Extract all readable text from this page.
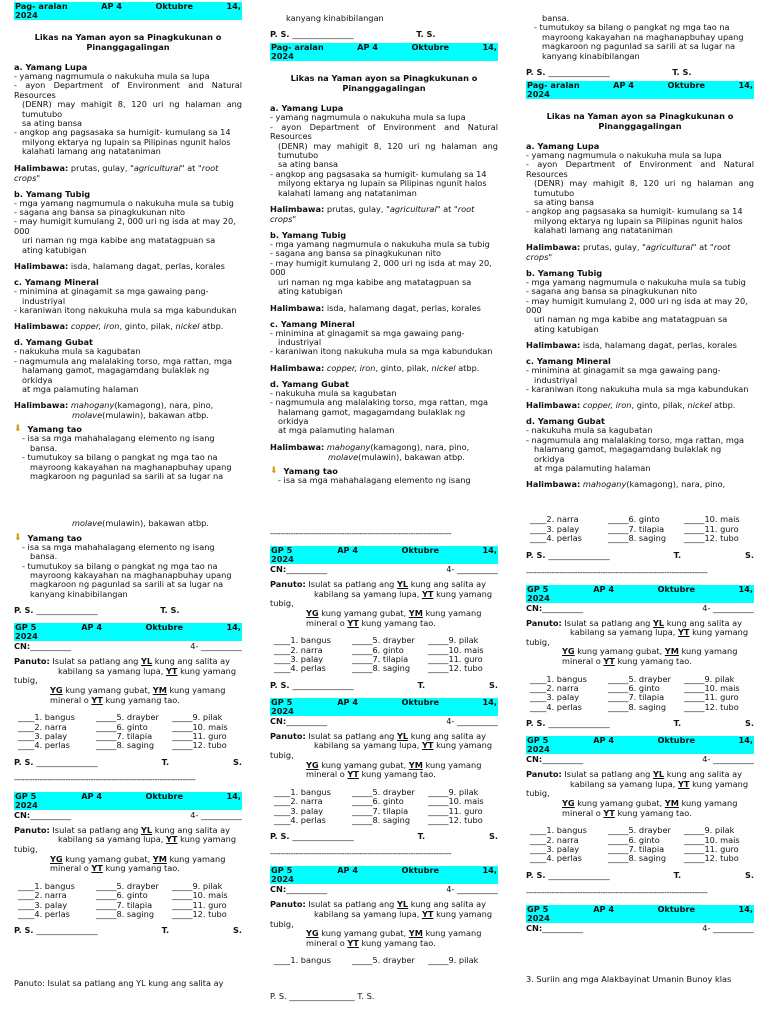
Pag- aralan
2024
AP 4	Oktubre	14,
Likas na Yaman ayon sa Pinagkukunan o Pinanggagalingan
a. Yamang Lupa
- yamang nagmumula o nakukuha mula sa lupa
- ayon Department of Environment and Natural Resources
(DENR) may mahigit 8, 120 uri ng halaman ang tumutubo
sa ating bansa
- angkop ang pagsasaka sa humigit- kumulang sa 14
milyong ektarya ng lupain sa Pilipinas ngunit halos
kalahati lamang ang natataniman
Halimbawa: prutas, gulay, "agricultural" at "root crops"
b. Yamang Tubig
- mga yamang nagmumula o nakukuha mula sa tubig
- sagana ang bansa sa pinagkukunan nito
- may humigit kumulang 2, 000 uri ng isda at may 20, 000
uri naman ng mga kabibe ang matatagpuan sa
ating katubigan
Halimbawa: isda, halamang dagat, perlas, korales
c. Yamang Mineral
- minimina at ginagamit sa mga gawaing pang-
industriyal
- karaniwan itong nakukuha mula sa mga kabundukan
Halimbawa: copper, iron, ginto, pilak, nickel atbp.
d. Yamang Gubat
- nakukuha mula sa kagubatan
- nagmumula ang malalaking torso, mga rattan, mga
halamang gamot, magagamdang bulaklak ng orkidya
at mga palamuting halaman
Halimbawa: mahogany(kamagong), nara, pino,
molave(mulawin), bakawan atbp.
⬇ Yamang tao
- isa sa mga mahahalagang elemento ng isang
bansa.
- tumutukoy sa bilang o pangkat ng mga tao na
mayroong kakayahan na maghanapbuhay upang
magkaroon ng pagunlad sa sarili at sa lugar na
molave(mulawin), bakawan atbp.
⬇ Yamang tao
- isa sa mga mahahalagang elemento ng isang
bansa.
- tumutukoy sa bilang o pangkat ng mga tao na
mayroong kakayahan na maghanapbuhay upang
magkaroon ng pagunlad sa sarili at sa lugar na
kanyang kinabibilangan
P. S. _______________	T. S.
GP 5
2024
AP 4	Oktubre	14,
CN:__________	4- __________
Panuto: Isulat sa patlang ang YL kung ang salita ay
kabilang sa yamang lupa, YT kung yamang
tubig,
YG kung yamang gubat, YM kung yamang
mineral o YT kung yamang tao.
____1. bangus	_____5. drayber	_____9. pilak
____2. narra	_____6. ginto	_____10. mais
____3. palay	_____7. tilapia	_____11. guro
____4. perlas	_____8. saging	_____12. tubo
P. S. _______________	T.	S.
-----------------------------------------------------------------------
GP 5
2024
AP 4	Oktubre	14,
CN:__________	4- __________
Panuto: Isulat sa patlang ang YL kung ang salita ay
kabilang sa yamang lupa, YT kung yamang
tubig,
YG kung yamang gubat, YM kung yamang
mineral o YT kung yamang tao.
____1. bangus	_____5. drayber	_____9. pilak
____2. narra	_____6. ginto	_____10. mais
____3. palay	_____7. tilapia	_____11. guro
____4. perlas	_____8. saging	_____12. tubo
P. S. _______________	T.	S.
Panuto: Isulat sa patlang ang YL kung ang salita ay
kanyang kinabibilangan
P. S. _______________	T. S.
Pag- aralan
2024
AP 4	Oktubre	14,
Likas na Yaman ayon sa Pinagkukunan o Pinanggagalingan
a. Yamang Lupa
- yamang nagmumula o nakukuha mula sa lupa
- ayon Department of Environment and Natural Resources
(DENR) may mahigit 8, 120 uri ng halaman ang tumutubo
sa ating bansa
- angkop ang pagsasaka sa humigit- kumulang sa 14
milyong ektarya ng lupain sa Pilipinas ngunit halos
kalahati lamang ang natataniman
Halimbawa: prutas, gulay, "agricultural" at "root crops"
b. Yamang Tubig
- mga yamang nagmumula o nakukuha mula sa tubig
- sagana ang bansa sa pinagkukunan nito
- may humigit kumulang 2, 000 uri ng isda at may 20, 000
uri naman ng mga kabibe ang matatagpuan sa
ating katubigan
Halimbawa: isda, halamang dagat, perlas, korales
c. Yamang Mineral
- minimina at ginagamit sa mga gawaing pang-
industriyal
- karaniwan itong nakukuha mula sa mga kabundukan
Halimbawa: copper, iron, ginto, pilak, nickel atbp.
d. Yamang Gubat
- nakukuha mula sa kagubatan
- nagmumula ang malalaking torso, mga rattan, mga
halamang gamot, magagamdang bulaklak ng orkidya
at mga palamuting halaman
Halimbawa: mahogany(kamagong), nara, pino,
molave(mulawin), bakawan atbp.
⬇ Yamang tao
- isa sa mga mahahalagang elemento ng isang
-----------------------------------------------------------------------
GP 5
2024
AP 4	Oktubre	14,
CN:__________	4- __________
Panuto: Isulat sa patlang ang YL kung ang salita ay
kabilang sa yamang lupa, YT kung yamang
tubig,
YG kung yamang gubat, YM kung yamang
mineral o YT kung yamang tao.
____1. bangus	_____5. drayber	_____9. pilak
____2. narra	_____6. ginto	_____10. mais
____3. palay	_____7. tilapia	_____11. guro
____4. perlas	_____8. saging	_____12. tubo
P. S. _______________	T.	S.
GP 5
2024
AP 4	Oktubre	14,
CN:__________	4- __________
Panuto: Isulat sa patlang ang YL kung ang salita ay
kabilang sa yamang lupa, YT kung yamang
tubig,
YG kung yamang gubat, YM kung yamang
mineral o YT kung yamang tao.
____1. bangus	_____5. drayber	_____9. pilak
____2. narra	_____6. ginto	_____10. mais
____3. palay	_____7. tilapia	_____11. guro
____4. perlas	_____8. saging	_____12. tubo
P. S. _______________	T.	S.
-----------------------------------------------------------------------
GP 5
2024
AP 4	Oktubre	14,
CN:__________	4- __________
Panuto: Isulat sa patlang ang YL kung ang salita ay
kabilang sa yamang lupa, YT kung yamang
tubig,
YG kung yamang gubat, YM kung yamang
mineral o YT kung yamang tao.
____1. bangus	_____5. drayber	_____9. pilak
P. S. ________________ T. S.
bansa.
- tumutukoy sa bilang o pangkat ng mga tao na
mayroong kakayahan na maghanapbuhay upang
magkaroon ng pagunlad sa sarili at sa lugar na
kanyang kinabibilangan
P. S. _______________	T. S.
Pag- aralan
2024
AP 4	Oktubre	14,
Likas na Yaman ayon sa Pinagkukunan o Pinanggagalingan
a. Yamang Lupa
- yamang nagmumula o nakukuha mula sa lupa
- ayon Department of Environment and Natural Resources
(DENR) may mahigit 8, 120 uri ng halaman ang tumutubo
sa ating bansa
- angkop ang pagsasaka sa humigit- kumulang sa 14
milyong ektarya ng lupain sa Pilipinas ngunit halos
kalahati lamang ang natataniman
Halimbawa: prutas, gulay, "agricultural" at "root crops"
b. Yamang Tubig
- mga yamang nagmumula o nakukuha mula sa tubig
- sagana ang bansa sa pinagkukunan nito
- may humigit kumulang 2, 000 uri ng isda at may 20, 000
uri naman ng mga kabibe ang matatagpuan sa
ating katubigan
Halimbawa: isda, halamang dagat, perlas, korales
c. Yamang Mineral
- minimina at ginagamit sa mga gawaing pang-
industriyal
- karaniwan itong nakukuha mula sa mga kabundukan
Halimbawa: copper, iron, ginto, pilak, nickel atbp.
d. Yamang Gubat
- nakukuha mula sa kagubatan
- nagmumula ang malalaking torso, mga rattan, mga
halamang gamot, magagamdang bulaklak ng orkidya
at mga palamuting halaman
Halimbawa: mahogany(kamagong), nara, pino,
____2. narra	_____6. ginto	_____10. mais
____3. palay	_____7. tilapia	_____11. guro
____4. perlas	_____8. saging	_____12. tubo
P. S. _______________	T.	S.
-----------------------------------------------------------------------
GP 5
2024
AP 4	Oktubre	14,
CN:__________	4- __________
Panuto: Isulat sa patlang ang YL kung ang salita ay
kabilang sa yamang lupa, YT kung yamang
tubig,
YG kung yamang gubat, YM kung yamang
mineral o YT kung yamang tao.
____1. bangus	_____5. drayber	_____9. pilak
____2. narra	_____6. ginto	_____10. mais
____3. palay	_____7. tilapia	_____11. guro
____4. perlas	_____8. saging	_____12. tubo
P. S. _______________	T.	S.
GP 5
2024
AP 4	Oktubre	14,
CN:__________	4- __________
Panuto: Isulat sa patlang ang YL kung ang salita ay
kabilang sa yamang lupa, YT kung yamang
tubig,
YG kung yamang gubat, YM kung yamang
mineral o YT kung yamang tao.
____1. bangus	_____5. drayber	_____9. pilak
____2. narra	_____6. ginto	_____10. mais
____3. palay	_____7. tilapia	_____11. guro
____4. perlas	_____8. saging	_____12. tubo
P. S. _______________	T.	S.
-----------------------------------------------------------------------
GP 5
2024
AP 4	Oktubre	14,
CN:__________	4- __________
3. Suriin ang mga Alakbayinat Umanin Bunoy klas
